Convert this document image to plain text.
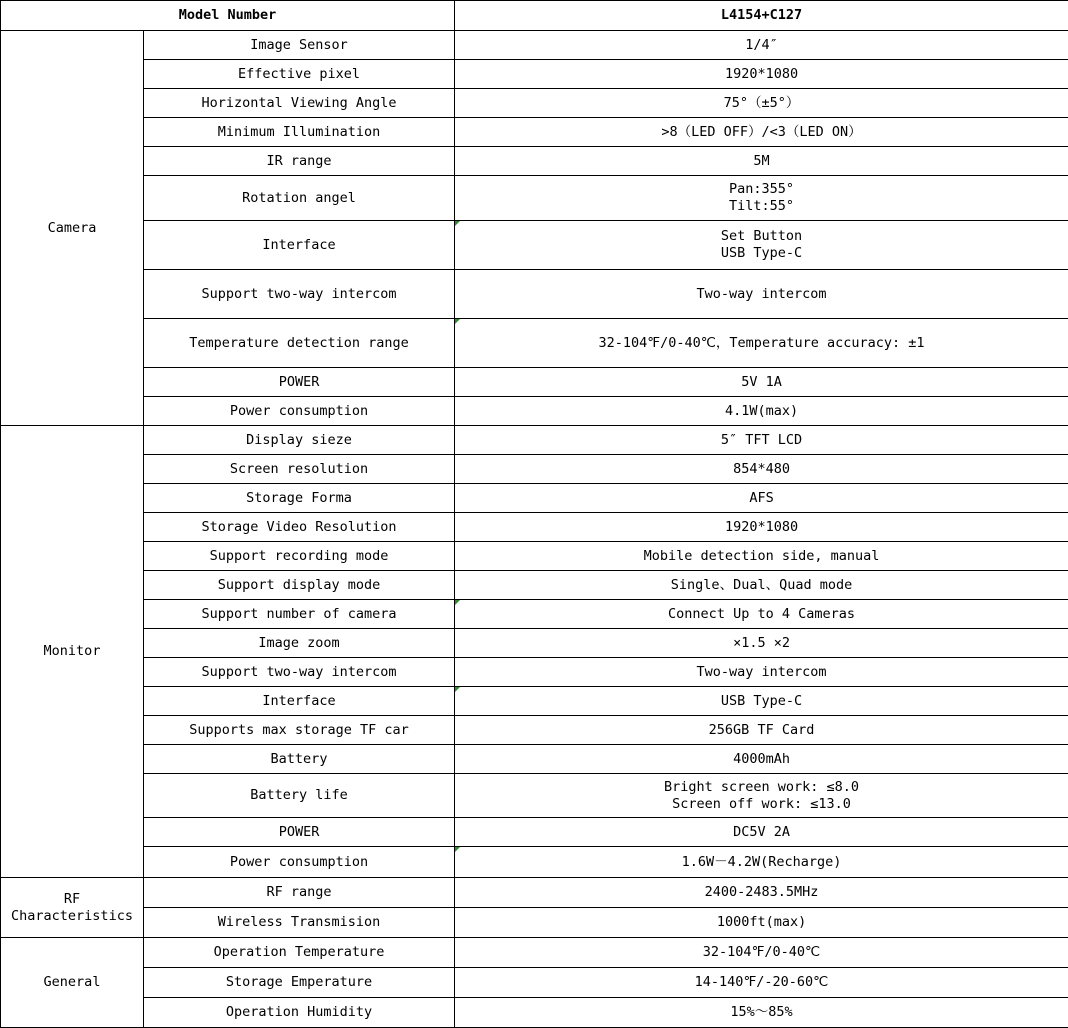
Model Number		L4154+C127
Camera	Image Sensor	1/4″

	Effective pixel	1920*1080

	Horizontal Viewing Angle	75°（±5°）

	Minimum Illumination	>8（LED OFF）/<3（LED ON）

	IR range	5M

	Rotation angel	Pan:355°
Tilt:55°

	Interface	Set Button
USB Type-C

	Support two-way intercom	Two-way intercom

	Temperature detection range	32-104℉/0-40℃，Temperature accuracy: ±1

	POWER	5V 1A

	Power consumption	4.1W(max)

Monitor	Display sieze	5″ TFT LCD

	Screen resolution	854*480

	Storage Forma	AFS

	Storage Video Resolution	1920*1080

	Support recording mode	Mobile detection side, manual

	Support display mode	Single、Dual、Quad mode

	Support number of camera	Connect Up to 4 Cameras

	Image zoom	×1.5 ×2

	Support two-way intercom	Two-way intercom

	Interface	USB Type-C

	Supports max storage TF car	256GB TF Card

	Battery	4000mAh

	Battery life	Bright screen work: ≤8.0
Screen off work: ≤13.0

	POWER	DC5V 2A

	Power consumption	1.6W－4.2W(Recharge)

RF
Characteristics	RF range	2400-2483.5MHz

	Wireless Transmision	1000ft(max)

General	Operation Temperature	32-104℉/0-40℃

	Storage Emperature	14-140℉/-20-60℃

	Operation Humidity	15%～85%
